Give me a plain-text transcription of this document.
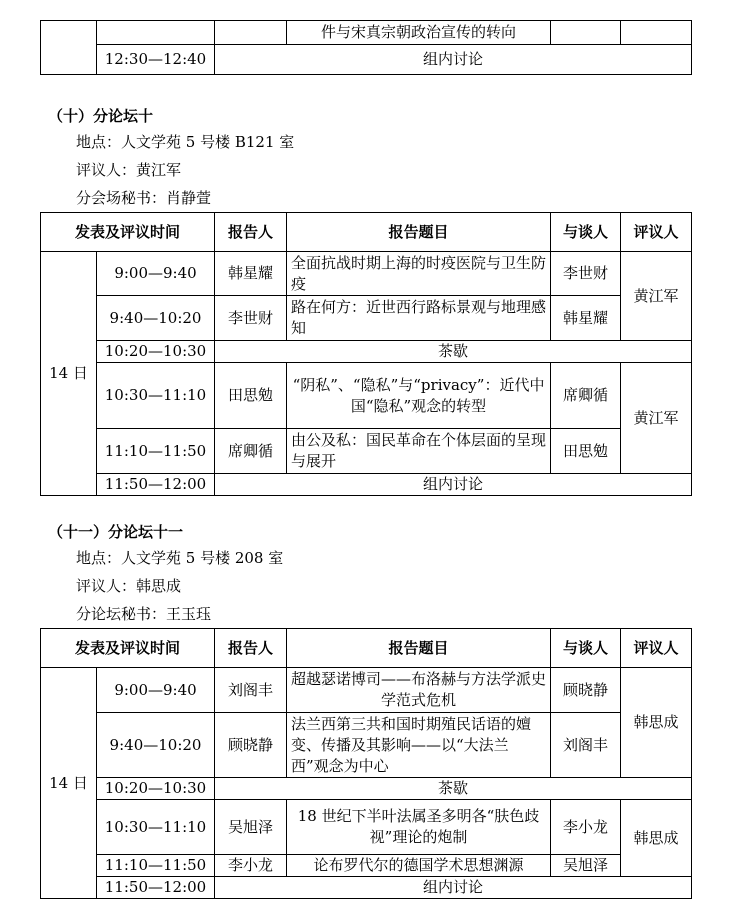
			件与宋真宗朝政治宣传的转向		
	12:30—12:40	组内讨论			
（十）分论坛十
地点：人文学苑 5 号楼 B121 室
评议人：黄江军
分会场秘书：肖静萱
发表及评议时间		报告人	报告题目	与谈人	评议人
14 日	9:00—9:40	韩星耀	全面抗战时期上海的时疫医院与卫生防疫	李世财	黄江军
	9:40—10:20	李世财	路在何方：近世西行路标景观与地理感知	韩星耀	
	10:20—10:30	茶歇			
	10:30—11:10	田思勉	“阴私”、“隐私”与“privacy”：近代中国“隐私”观念的转型	席卿循	黄江军
	11:10—11:50	席卿循	由公及私：国民革命在个体层面的呈现与展开	田思勉	
	11:50—12:00	组内讨论			
（十一）分论坛十一
地点：人文学苑 5 号楼 208 室
评议人：韩思成
分论坛秘书：王玉珏
发表及评议时间		报告人	报告题目	与谈人	评议人
14 日	9:00—9:40	刘阁丰	超越瑟诺博司——布洛赫与方法学派史学范式危机	顾晓静	韩思成
	9:40—10:20	顾晓静	法兰西第三共和国时期殖民话语的嬗变、传播及其影响——以“大法兰西”观念为中心	刘阁丰	
	10:20—10:30	茶歇			
	10:30—11:10	吴旭泽	18 世纪下半叶法属圣多明各“肤色歧视”理论的炮制	李小龙	韩思成
	11:10—11:50	李小龙	论布罗代尔的德国学术思想渊源	吴旭泽	
	11:50—12:00	组内讨论			
